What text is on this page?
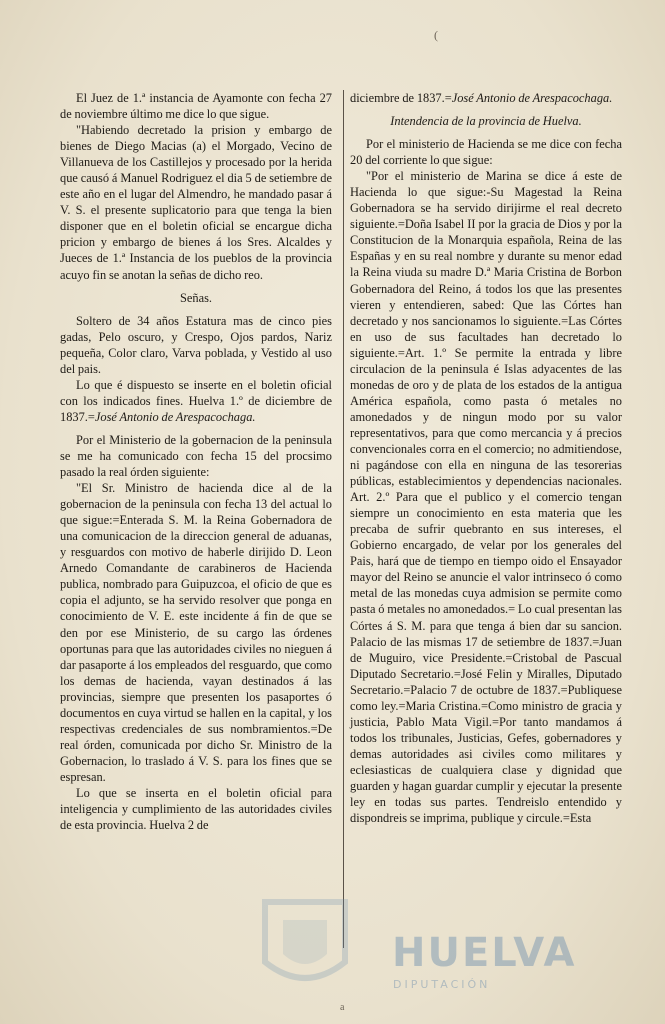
(

El Juez de 1.ª instancia de Ayamonte con fecha 27 de noviembre último me dice lo que sigue.

"Habiendo decretado la prision y embargo de bienes de Diego Macias (a) el Morgado, Vecino de Villanueva de los Castillejos y procesado por la herida que causó á Manuel Rodriguez el dia 5 de setiembre de este año en el lugar del Almendro, he mandado pasar á V. S. el presente suplicatorio para que tenga la bien disponer que en el boletin oficial se encargue dicha pricion y embargo de bienes á los Sres. Alcaldes y Jueces de 1.ª Instancia de los pueblos de la provincia acuyo fin se anotan la señas de dicho reo.

Señas.

Soltero de 34 años Estatura mas de cinco pies gadas, Pelo oscuro, y Crespo, Ojos pardos, Nariz pequeña, Color claro, Varva poblada, y Vestido al uso del pais.

Lo que é dispuesto se inserte en el boletin oficial con los indicados fines. Huelva 1.º de diciembre de 1837.=José Antonio de Arespacochaga.

Por el Ministerio de la gobernacion de la peninsula se me ha comunicado con fecha 15 del procsimo pasado la real órden siguiente:

"El Sr. Ministro de hacienda dice al de la gobernacion de la peninsula con fecha 13 del actual lo que sigue:=Enterada S. M. la Reina Gobernadora de una comunicacion de la direccion general de aduanas, y resguardos con motivo de haberle dirijido D. Leon Arnedo Comandante de carabineros de Hacienda publica, nombrado para Guipuzcoa, el oficio de que es copia el adjunto, se ha servido resolver que ponga en conocimiento de V. E. este incidente á fin de que se den por ese Ministerio, de su cargo las órdenes oportunas para que las autoridades civiles no nieguen á dar pasaporte á los empleados del resguardo, que como los demas de hacienda, vayan destinados á las provincias, siempre que presenten los pasaportes ó documentos en cuya virtud se hallen en la capital, y los respectivas credenciales de sus nombramientos.=De real órden, comunicada por dicho Sr. Ministro de la Gobernacion, lo traslado á V. S. para los fines que se espresan.

Lo que se inserta en el boletin oficial para inteligencia y cumplimiento de las autoridades civiles de esta provincia. Huelva 2 de

diciembre de 1837.=José Antonio de Arespacochaga.

Intendencia de la provincia de Huelva.

Por el ministerio de Hacienda se me dice con fecha 20 del corriente lo que sigue:

"Por el ministerio de Marina se dice á este de Hacienda lo que sigue:-Su Magestad la Reina Gobernadora se ha servido dirijirme el real decreto siguiente.=Doña Isabel II por la gracia de Dios y por la Constitucion de la Monarquia española, Reina de las Españas y en su real nombre y durante su menor edad la Reina viuda su madre D.ª Maria Cristina de Borbon Gobernadora del Reino, á todos los que las presentes vieren y entendieren, sabed: Que las Córtes han decretado y nos sancionamos lo siguiente.=Las Córtes en uso de sus facultades han decretado lo siguiente.=Art. 1.º Se permite la entrada y libre circulacion de la peninsula é Islas adyacentes de las monedas de oro y de plata de los estados de la antigua América española, como pasta ó metales no amonedados y de ningun modo por su valor representativos, para que como mercancia y á precios convencionales corra en el comercio; no admitiendose, ni pagándose con ella en ninguna de las tesorerias públicas, establecimientos y dependencias nacionales. Art. 2.º Para que el publico y el comercio tengan siempre un conocimiento en esta materia que les precaba de sufrir quebranto en sus intereses, el Gobierno encargado, de velar por los generales del Pais, hará que de tiempo en tiempo oido el Ensayador mayor del Reino se anuncie el valor intrinseco ó como metal de las monedas cuya admision se permite como pasta ó metales no amonedados.= Lo cual presentan las Córtes á S. M. para que tenga á bien dar su sancion. Palacio de las mismas 17 de setiembre de 1837.=Juan de Muguiro, vice Presidente.=Cristobal de Pascual Diputado Secretario.=José Felin y Miralles, Diputado Secretario.=Palacio 7 de octubre de 1837.=Publiquese como ley.=Maria Cristina.=Como ministro de gracia y justicia, Pablo Mata Vigil.=Por tanto mandamos á todos los tribunales, Justicias, Gefes, gobernadores y demas autoridades asi civiles como militares y eclesiasticas de cualquiera clase y dignidad que guarden y hagan guardar cumplir y ejecutar la presente ley en todas sus partes. Tendreislo entendido y dispondreis se imprima, publique y circule.=Esta

HUELVA
DIPUTACIÓN
a
